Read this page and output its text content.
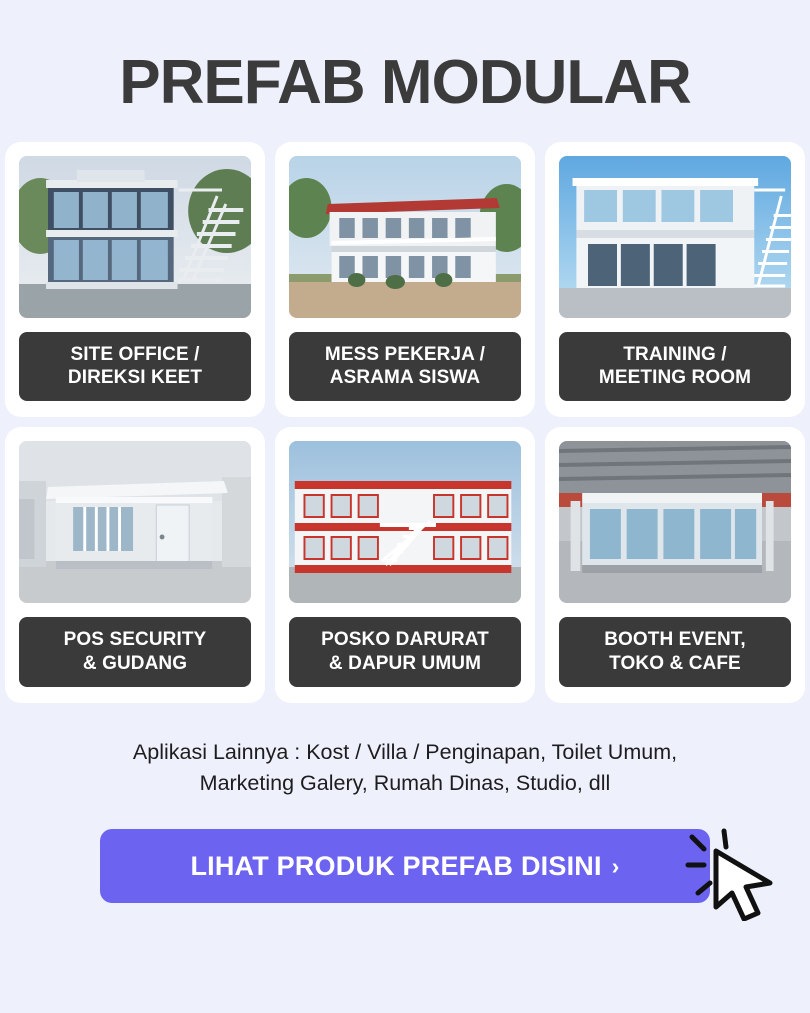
PREFAB MODULAR
SITE OFFICE /
DIREKSI KEET
MESS PEKERJA /
ASRAMA SISWA
TRAINING /
MEETING ROOM
POS SECURITY
& GUDANG
POSKO DARURAT
& DAPUR UMUM
BOOTH EVENT,
TOKO & CAFE
Aplikasi Lainnya : Kost / Villa / Penginapan, Toilet Umum,
Marketing Galery, Rumah Dinas, Studio, dll
LIHAT PRODUK PREFAB DISINI ›
